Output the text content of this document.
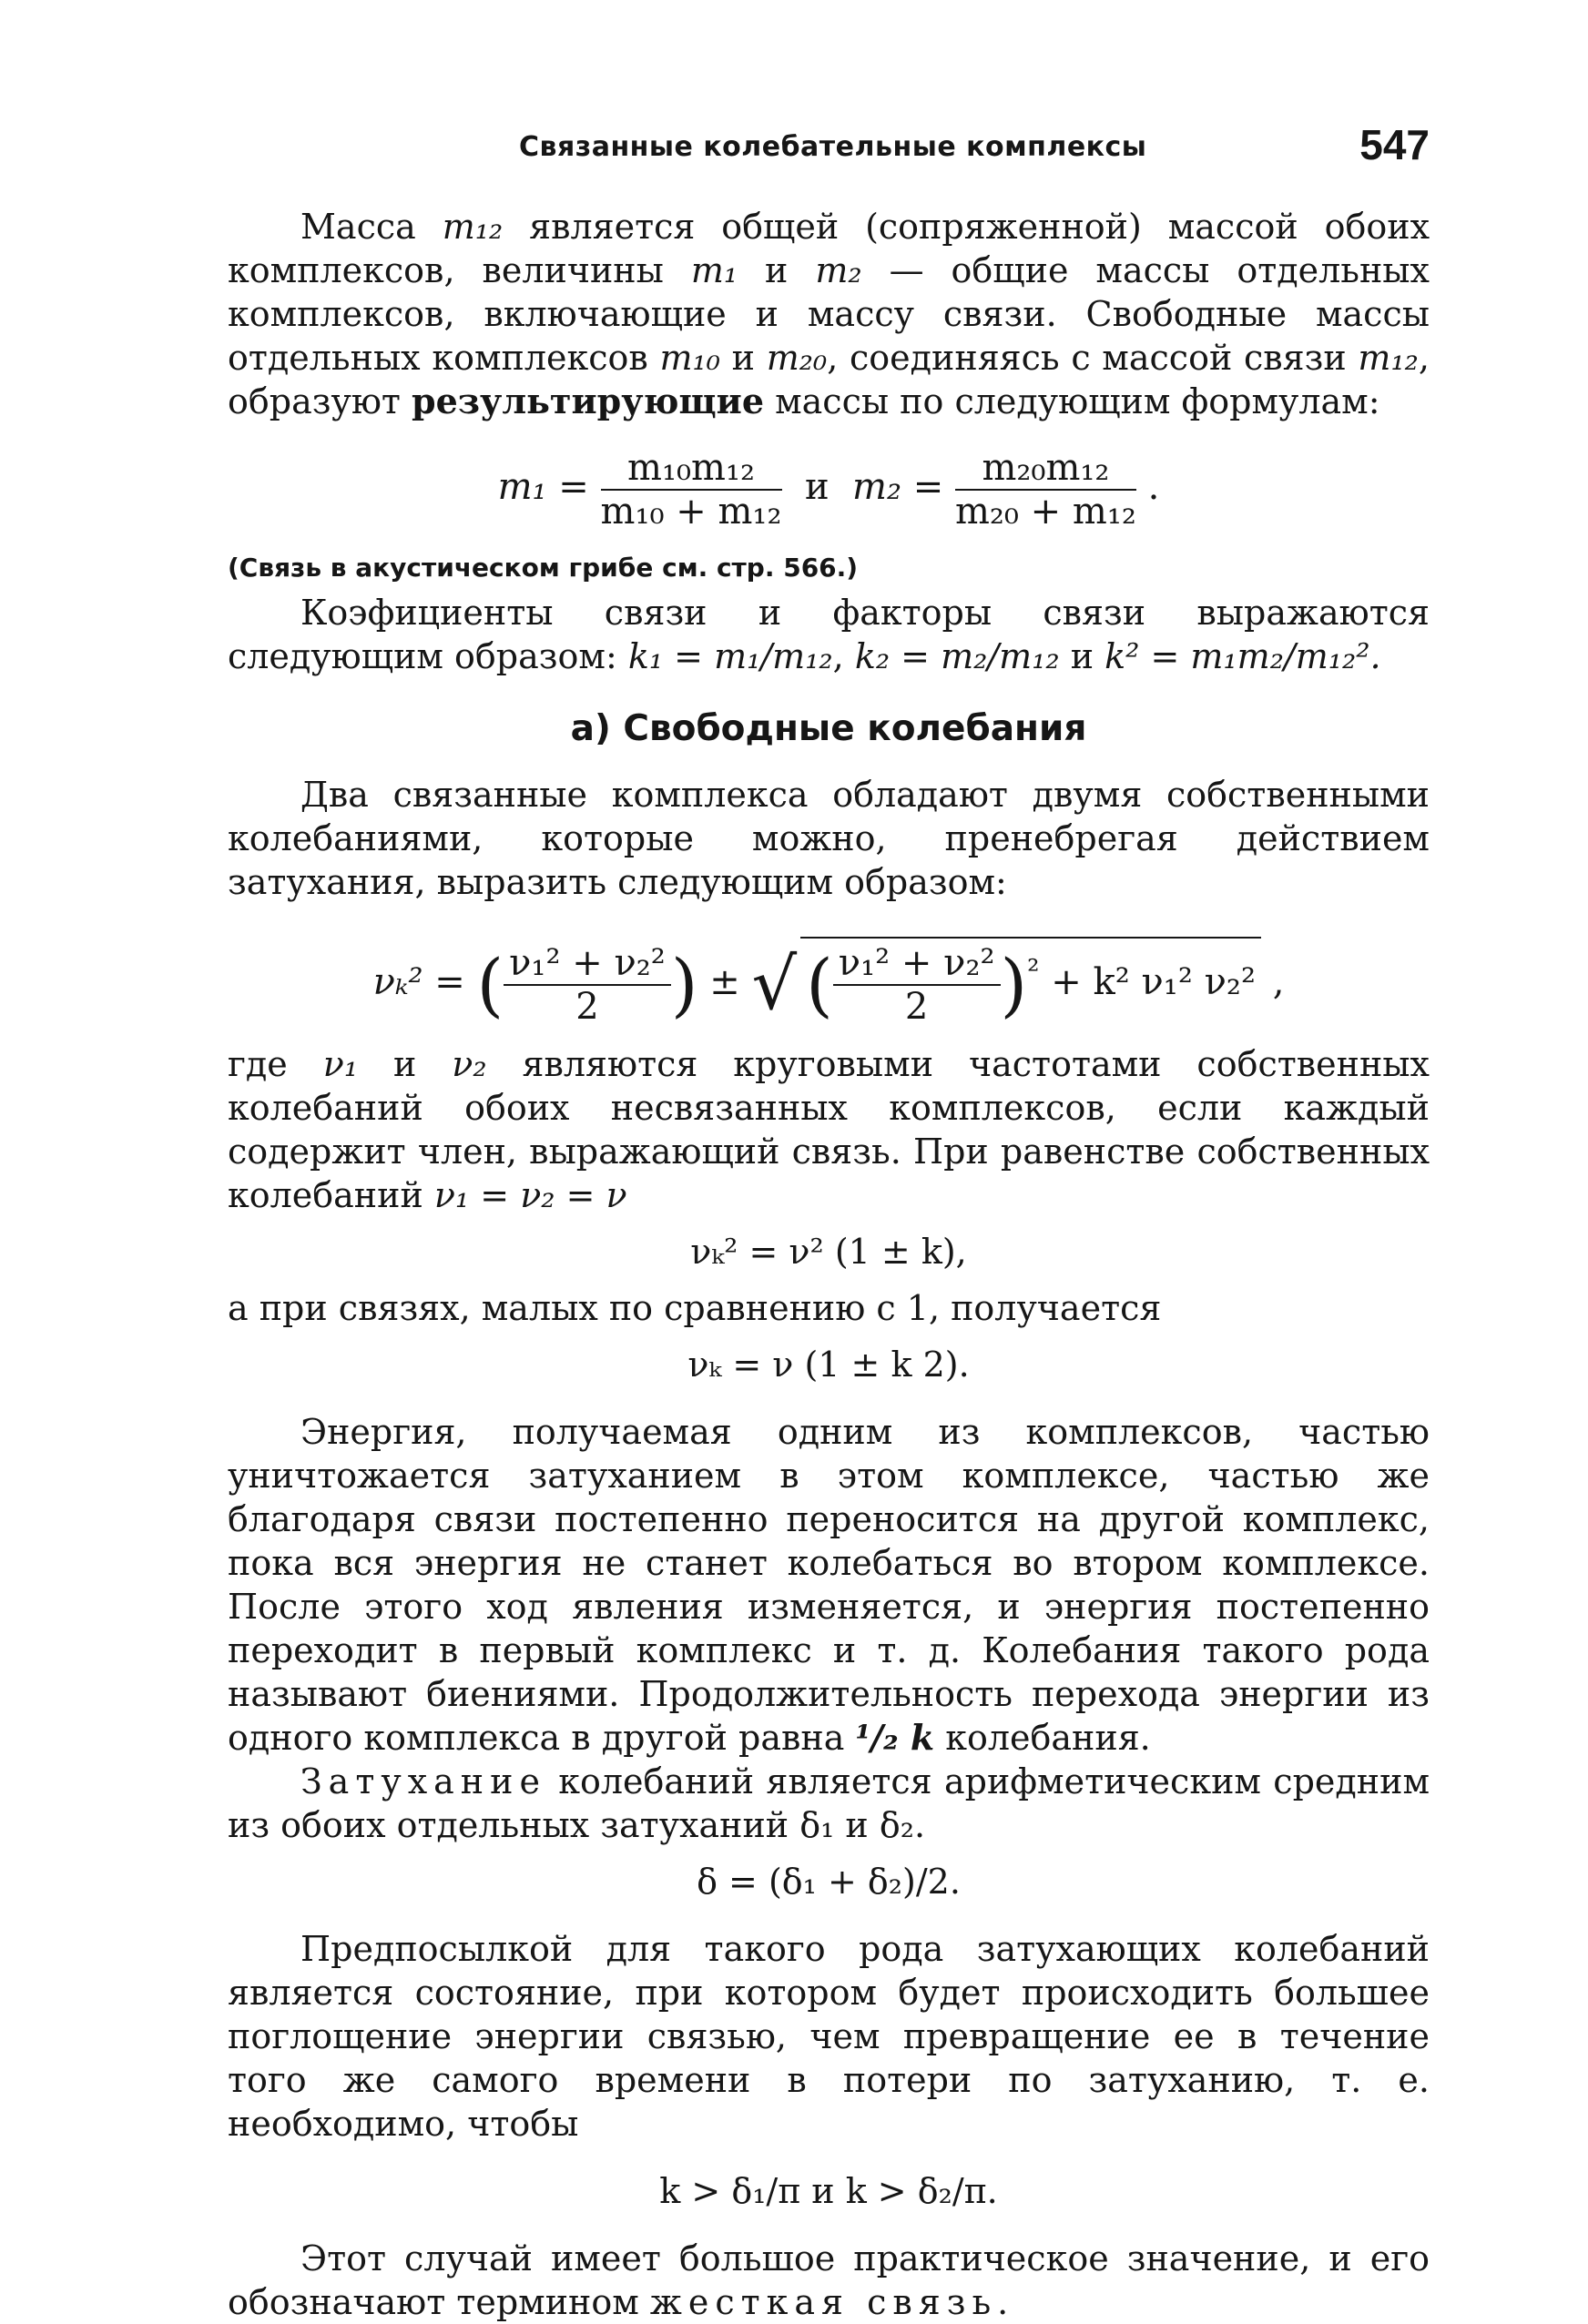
Связанные колебательные комплексы	547

Масса m₁₂ является общей (сопряженной) массой обоих комплексов, величины m₁ и m₂ — общие массы отдельных комплексов, включающие и массу связи. Свободные массы отдельных комплексов m₁₀ и m₂₀, соединяясь с массой связи m₁₂, образуют результирующие массы по следующим формулам:

$m_1 = \frac{\text{m₁₀m₁₂}}{\text{m₁₀ + m₁₂}}$ и $m_2 = \frac{\text{m₂₀m₁₂}}{\text{m₂₀ + m₁₂}}$ .

(Связь в акустическом грибе см. стр. 566.)

Коэфициенты связи и факторы связи выражаются следующим образом: k₁ = m₁/m₁₂, k₂ = m₂/m₁₂ и k² = m₁m₂/m₁₂².

а) Свободные колебания

Два связанные комплекса обладают двумя собственными колебаниями, которые можно, пренебрегая действием затухания, выразить следующим образом:

νₖ² = ( $\frac{\text{ν₁² + ν₂²}}{2}$ ) ± √ ( $\frac{\text{ν₁² + ν₂²}}{2} )^{^2} + k^2$ ν₁² ν₂² ,

где ν₁ и ν₂ являются круговыми частотами собственных колебаний обоих несвязанных комплексов, если каждый содержит член, выражающий связь. При равенстве собственных колебаний ν₁ = ν₂ = ν

νₖ² = ν² (1 ± k),

а при связях, малых по сравнению с 1, получается

νₖ = ν (1 ± k 2).

Энергия, получаемая одним из комплексов, частью уничтожается затуханием в этом комплексе, частью же благодаря связи постепенно переносится на другой комплекс, пока вся энергия не станет колебаться во втором комплексе. После этого ход явления изменяется, и энергия постепенно переходит в первый комплекс и т. д. Колебания такого рода называют биениями. Продолжительность перехода энергии из одного комплекса в другой равна ¹/₂ k колебания.

Затухание колебаний является арифметическим средним из обоих отдельных затуханий δ₁ и δ₂.

δ = (δ₁ + δ₂)/2.

Предпосылкой для такого рода затухающих колебаний является состояние, при котором будет происходить большее поглощение энергии связью, чем превращение ее в течение того же самого времени в потери по затуханию, т. е. необходимо, чтобы

k > δ₁/π и k > δ₂/π.

Этот случай имеет большое практическое значение, и его обозначают термином жесткая связь.
